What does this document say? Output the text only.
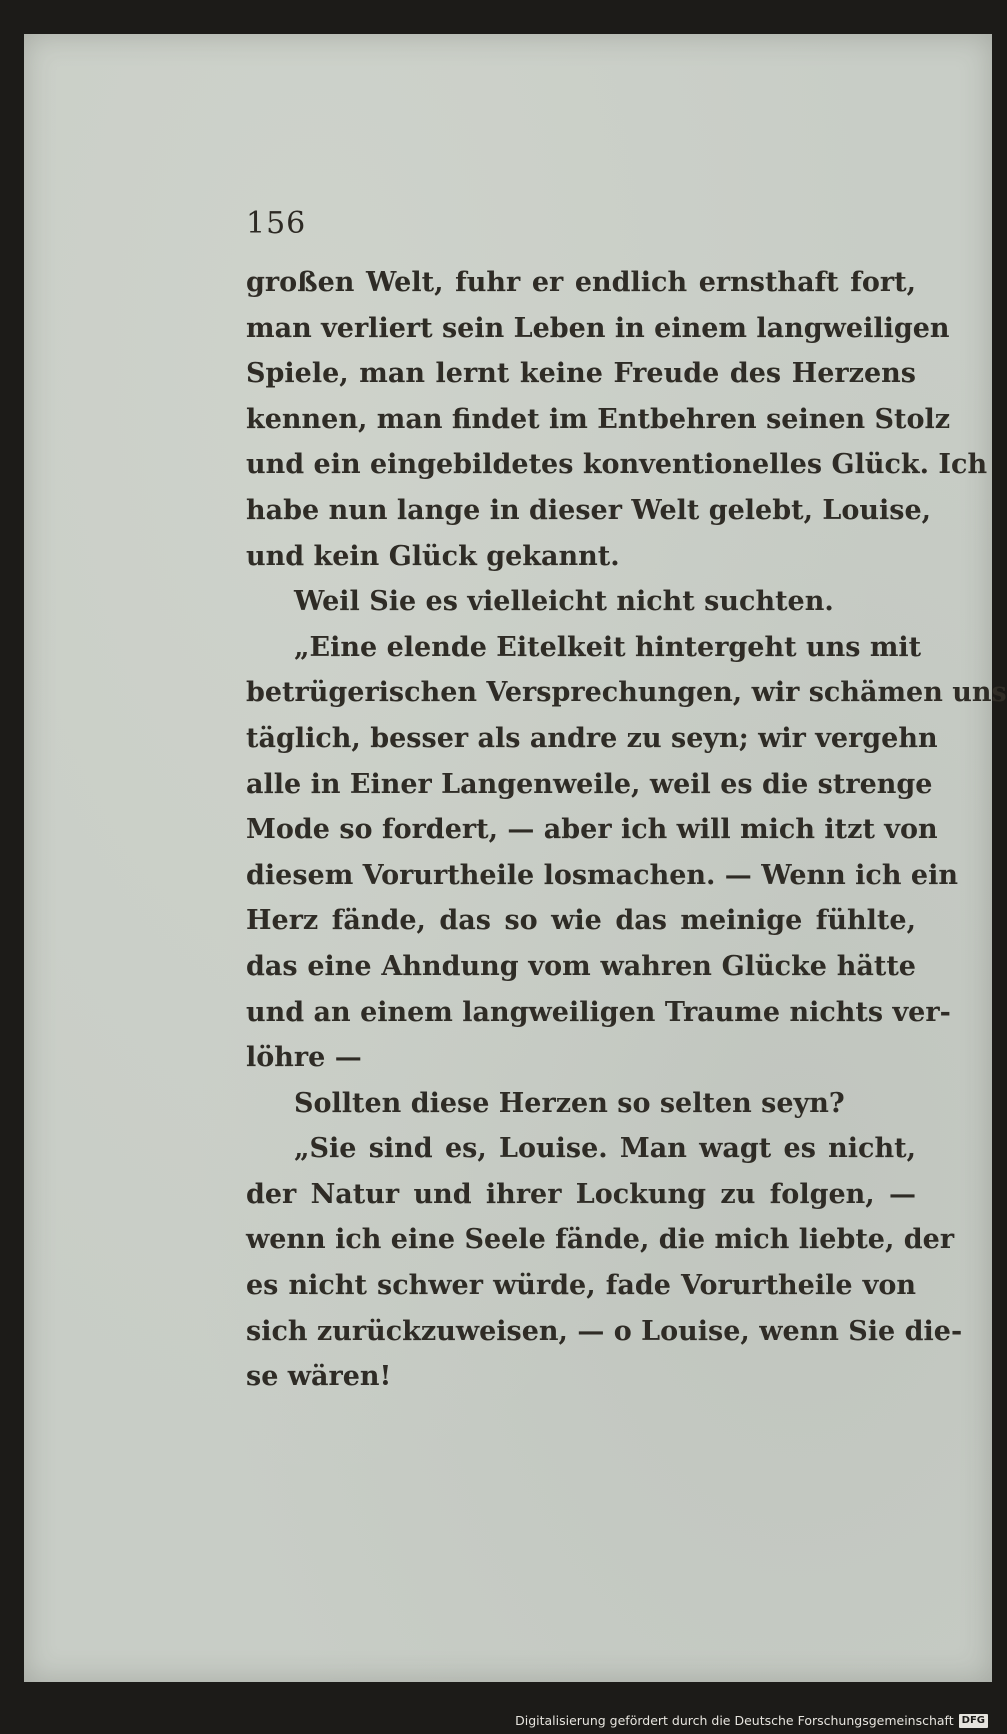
156
großen Welt, fuhr er endlich ernsthaft fort,
man verliert sein Leben in einem langweiligen
Spiele, man lernt keine Freude des Herzens
kennen, man findet im Entbehren seinen Stolz
und ein eingebildetes konventionelles Glück. Ich
habe nun lange in dieser Welt gelebt, Louise,
und kein Glück gekannt.
Weil Sie es vielleicht nicht suchten.
„Eine elende Eitelkeit hintergeht uns mit
betrügerischen Versprechungen, wir schämen uns
täglich, besser als andre zu seyn; wir vergehn
alle in Einer Langenweile, weil es die strenge
Mode so fordert, — aber ich will mich itzt von
diesem Vorurtheile losmachen. — Wenn ich ein
Herz fände, das so wie das meinige fühlte,
das eine Ahndung vom wahren Glücke hätte
und an einem langweiligen Traume nichts ver-
löhre —
Sollten diese Herzen so selten seyn?
„Sie sind es, Louise. Man wagt es nicht,
der Natur und ihrer Lockung zu folgen, —
wenn ich eine Seele fände, die mich liebte, der
es nicht schwer würde, fade Vorurtheile von
sich zurückzuweisen, — o Louise, wenn Sie die-
se wären!
Digitalisierung gefördert durch die Deutsche Forschungsgemeinschaft DFG
